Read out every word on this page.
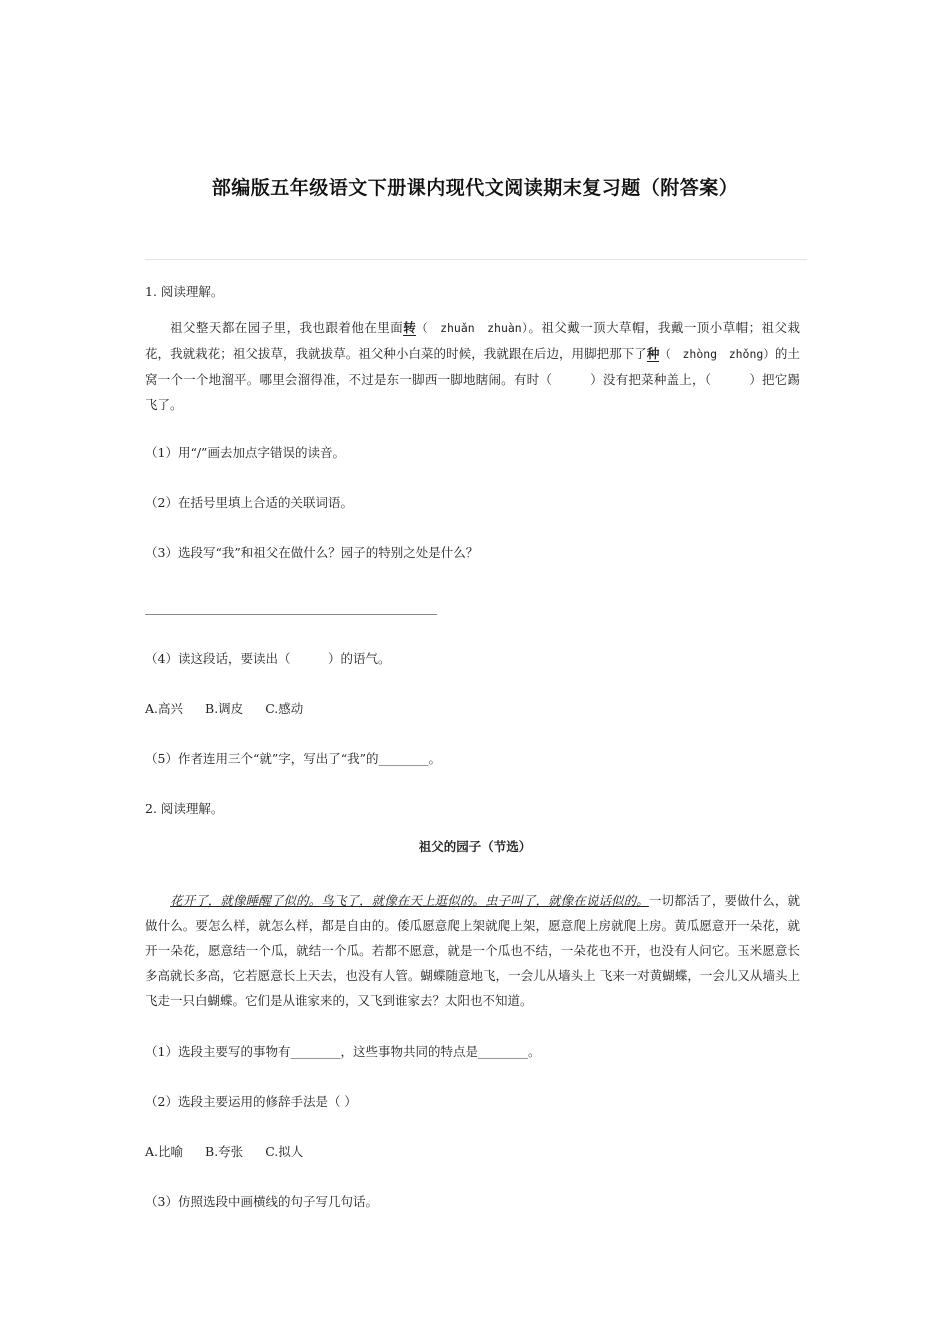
部编版五年级语文下册课内现代文阅读期末复习题（附答案）
1. 阅读理解。
祖父整天都在园子里，我也跟着他在里面转（　zhuǎn　zhuàn）。祖父戴一顶大草帽，我戴一顶小草帽；祖父栽花，我就栽花；祖父拔草，我就拔草。祖父种小白菜的时候，我就跟在后边，用脚把那下了种（　zhòng　zhǒng）的土窝一个一个地溜平。哪里会溜得准，不过是东一脚西一脚地瞎闹。有时（　　　）没有把菜种盖上，（　　　）把它踢飞了。
（1）用“/”画去加点字错误的读音。
（2）在括号里填上合适的关联词语。
（3）选段写“我”和祖父在做什么？园子的特别之处是什么？
（4）读这段话，要读出（　　　）的语气。
A.高兴 B.调皮 C.感动
（5）作者连用三个“就”字，写出了“我”的________。
2. 阅读理解。
祖父的园子（节选）
花开了，就像睡醒了似的。鸟飞了，就像在天上逛似的。虫子叫了，就像在说话似的。一切都活了，要做什么，就做什么。要怎么样，就怎么样，都是自由的。倭瓜愿意爬上架就爬上架，愿意爬上房就爬上房。黄瓜愿意开一朵花，就开一朵花，愿意结一个瓜，就结一个瓜。若都不愿意，就是一个瓜也不结，一朵花也不开，也没有人问它。玉米愿意长多高就长多高，它若愿意长上天去，也没有人管。蝴蝶随意地飞，一会儿从墙头上 飞来一对黄蝴蝶，一会儿又从墙头上飞走一只白蝴蝶。它们是从谁家来的，又飞到谁家去？太阳也不知道。
（1）选段主要写的事物有________，这些事物共同的特点是________。
（2）选段主要运用的修辞手法是（ ）
A.比喻 B.夸张 C.拟人
（3）仿照选段中画横线的句子写几句话。
